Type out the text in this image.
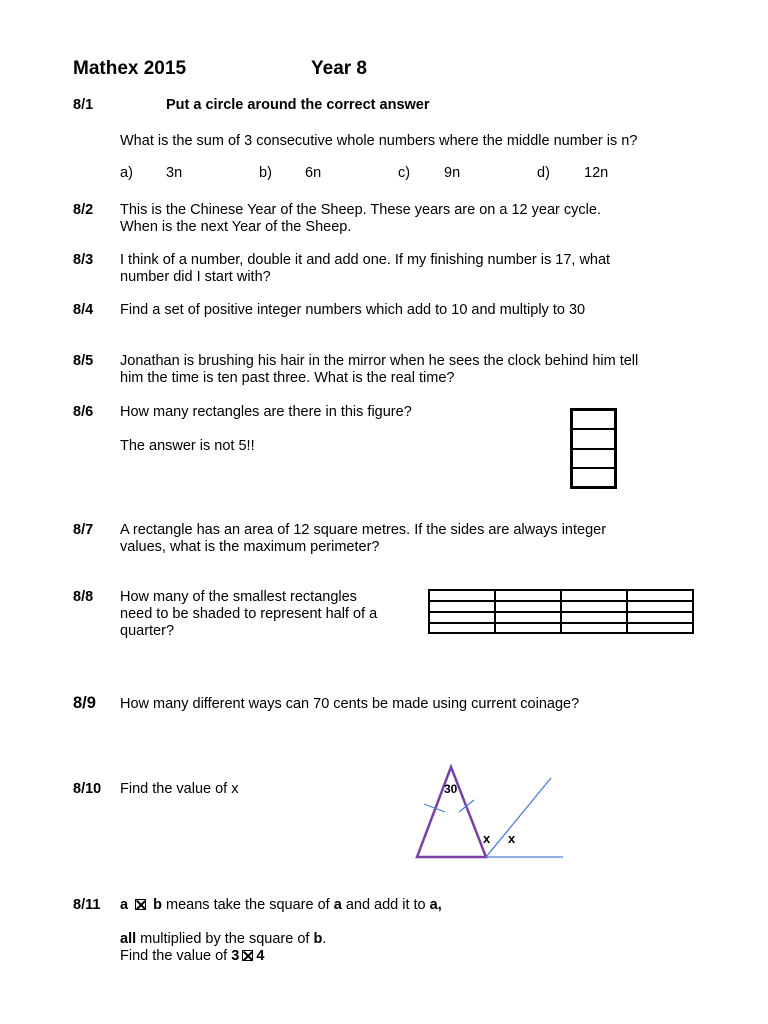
Mathex 2015	Year 8
8/1	Put a circle around the correct answer
What is the sum of 3 consecutive whole numbers where the middle number is n?
a) 3n	b) 6n	c) 9n	d) 12n
8/2 This is the Chinese Year of the Sheep. These years are on a 12 year cycle.
When is the next Year of the Sheep.
8/3 I think of a number, double it and add one. If my finishing number is 17, what
number did I start with?
8/4 Find a set of positive integer numbers which add to 10 and multiply to 30
8/5 Jonathan is brushing his hair in the mirror when he sees the clock behind him tell
him the time is ten past three. What is the real time?
8/6 How many rectangles are there in this figure?
The answer is not 5!!
8/7 A rectangle has an area of 12 square metres. If the sides are always integer
values, what is the maximum perimeter?
8/8 How many of the smallest rectangles
need to be shaded to represent half of a
quarter?
8/9 How many different ways can 70 cents be made using current coinage?
8/10 Find the value of x	30
x x
8/11 a b means take the square of a and add it to a,
all multiplied by the square of b.
Find the value of 3 4
